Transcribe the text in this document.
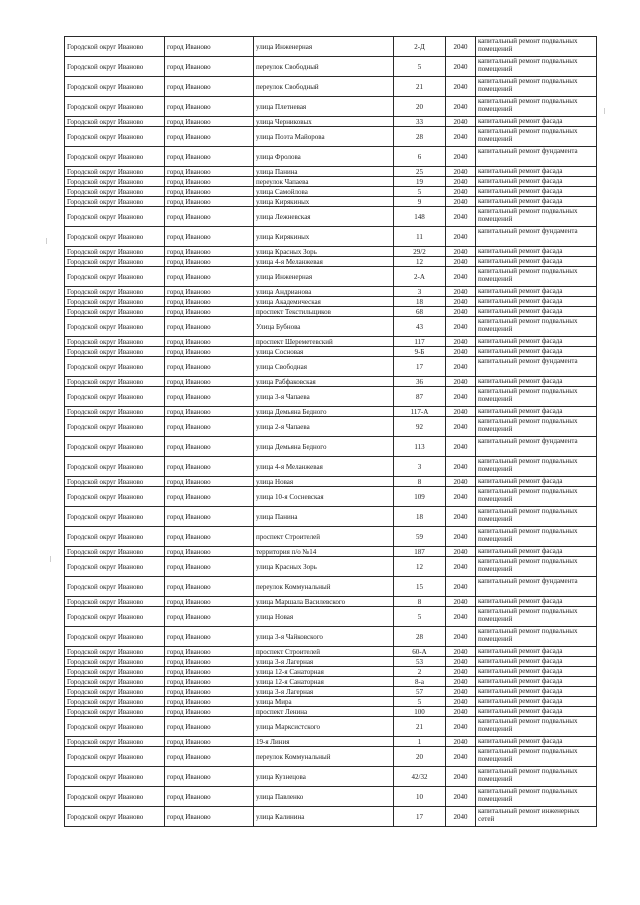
Городской округ Иваново	город Иваново	улица Инженерная	2-Д	2040	капитальный ремонт подвальных помещений
Городской округ Иваново	город Иваново	переулок Свободный	5	2040	капитальный ремонт подвальных помещений
Городской округ Иваново	город Иваново	переулок Свободный	21	2040	капитальный ремонт подвальных помещений
Городской округ Иваново	город Иваново	улица Плетневая	20	2040	капитальный ремонт подвальных помещений
Городской округ Иваново	город Иваново	улица Черниковых	33	2040	капитальный ремонт фасада
Городской округ Иваново	город Иваново	улица Поэта Майорова	28	2040	капитальный ремонт подвальных помещений
Городской округ Иваново	город Иваново	улица Фролова	6	2040	капитальный ремонт фундамента
Городской округ Иваново	город Иваново	улица Панина	25	2040	капитальный ремонт фасада
Городской округ Иваново	город Иваново	переулок Чапаева	19	2040	капитальный ремонт фасада
Городской округ Иваново	город Иваново	улица Самойлова	5	2040	капитальный ремонт фасада
Городской округ Иваново	город Иваново	улица Кирякиных	9	2040	капитальный ремонт фасада
Городской округ Иваново	город Иваново	улица Лежневская	148	2040	капитальный ремонт подвальных помещений
Городской округ Иваново	город Иваново	улица Кирякиных	11	2040	капитальный ремонт фундамента
Городской округ Иваново	город Иваново	улица Красных Зорь	29/2	2040	капитальный ремонт фасада
Городской округ Иваново	город Иваново	улица 4-я Меланжевая	12	2040	капитальный ремонт фасада
Городской округ Иваново	город Иваново	улица Инженерная	2-А	2040	капитальный ремонт подвальных помещений
Городской округ Иваново	город Иваново	улица Андрианова	3	2040	капитальный ремонт фасада
Городской округ Иваново	город Иваново	улица Академическая	18	2040	капитальный ремонт фасада
Городской округ Иваново	город Иваново	проспект Текстильщиков	68	2040	капитальный ремонт фасада
Городской округ Иваново	город Иваново	Улица Бубнова	43	2040	капитальный ремонт подвальных помещений
Городской округ Иваново	город Иваново	проспект Шереметевский	117	2040	капитальный ремонт фасада
Городской округ Иваново	город Иваново	улица Сосновая	9-Б	2040	капитальный ремонт фасада
Городской округ Иваново	город Иваново	улица Свободная	17	2040	капитальный ремонт фундамента
Городской округ Иваново	город Иваново	улица Рабфаковская	36	2040	капитальный ремонт фасада
Городской округ Иваново	город Иваново	улица 3-я Чапаева	87	2040	капитальный ремонт подвальных помещений
Городской округ Иваново	город Иваново	улица Демьяна Бедного	117-А	2040	капитальный ремонт фасада
Городской округ Иваново	город Иваново	улица 2-я Чапаева	92	2040	капитальный ремонт подвальных помещений
Городской округ Иваново	город Иваново	улица Демьяна Бедного	113	2040	капитальный ремонт фундамента
Городской округ Иваново	город Иваново	улица 4-я Меланжевая	3	2040	капитальный ремонт подвальных помещений
Городской округ Иваново	город Иваново	улица Новая	8	2040	капитальный ремонт фасада
Городской округ Иваново	город Иваново	улица 10-я Сосневская	109	2040	капитальный ремонт подвальных помещений
Городской округ Иваново	город Иваново	улица Панина	18	2040	капитальный ремонт подвальных помещений
Городской округ Иваново	город Иваново	проспект Строителей	59	2040	капитальный ремонт подвальных помещений
Городской округ Иваново	город Иваново	территория п/о №14	187	2040	капитальный ремонт фасада
Городской округ Иваново	город Иваново	улица Красных Зорь	12	2040	капитальный ремонт подвальных помещений
Городской округ Иваново	город Иваново	переулок Коммунальный	15	2040	капитальный ремонт фундамента
Городской округ Иваново	город Иваново	улица Маршала Василевского	8	2040	капитальный ремонт фасада
Городской округ Иваново	город Иваново	улица Новая	5	2040	капитальный ремонт подвальных помещений
Городской округ Иваново	город Иваново	улица 3-я Чайковского	28	2040	капитальный ремонт подвальных помещений
Городской округ Иваново	город Иваново	проспект Строителей	60-А	2040	капитальный ремонт фасада
Городской округ Иваново	город Иваново	улица 3-я Лагерная	53	2040	капитальный ремонт фасада
Городской округ Иваново	город Иваново	улица 12-я Санаторная	2	2040	капитальный ремонт фасада
Городской округ Иваново	город Иваново	улица 12-я Санаторная	8-а	2040	капитальный ремонт фасада
Городской округ Иваново	город Иваново	улица 3-я Лагерная	57	2040	капитальный ремонт фасада
Городской округ Иваново	город Иваново	улица Мира	5	2040	капитальный ремонт фасада
Городской округ Иваново	город Иваново	проспект Ленина	100	2040	капитальный ремонт фасада
Городской округ Иваново	город Иваново	улица Марксистского	21	2040	капитальный ремонт подвальных помещений
Городской округ Иваново	город Иваново	19-я Линия	1	2040	капитальный ремонт фасада
Городской округ Иваново	город Иваново	переулок Коммунальный	20	2040	капитальный ремонт подвальных помещений
Городской округ Иваново	город Иваново	улица Кузнецова	42/32	2040	капитальный ремонт подвальных помещений
Городской округ Иваново	город Иваново	улица Павленко	10	2040	капитальный ремонт подвальных помещений
Городской округ Иваново	город Иваново	улица Калинина	17	2040	капитальный ремонт инженерных сетей
